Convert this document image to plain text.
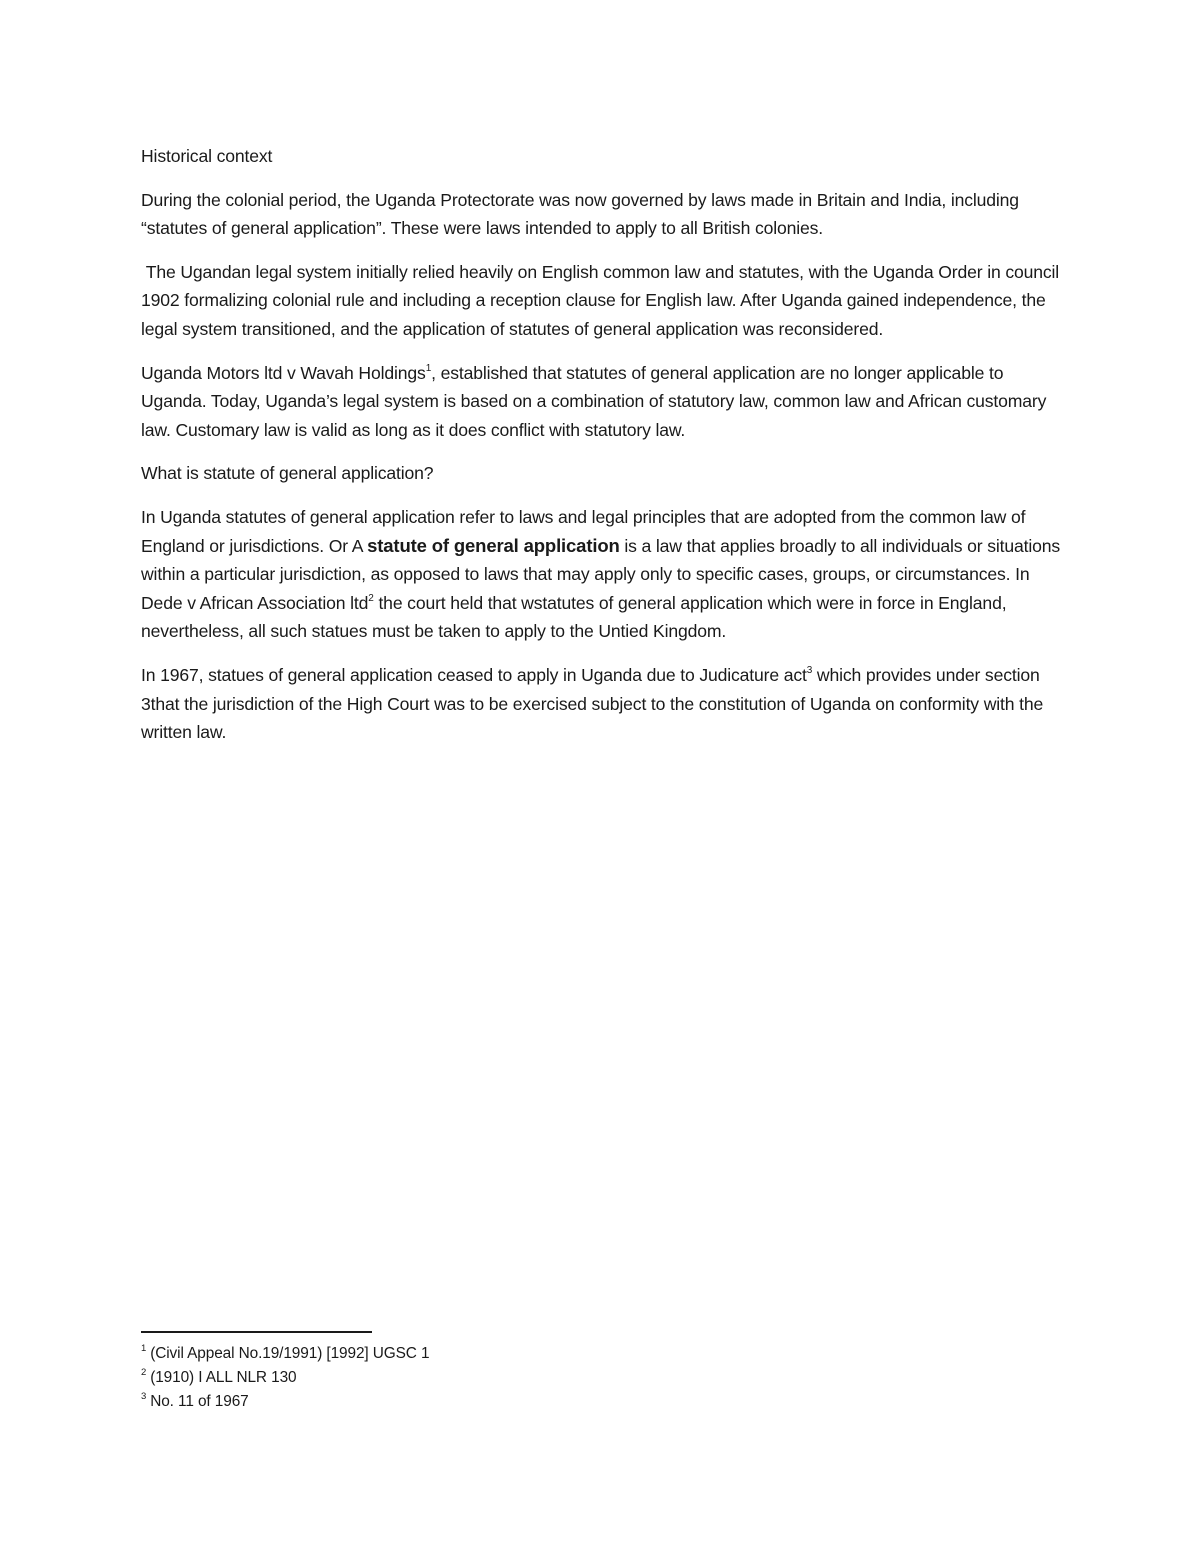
Historical context

During the colonial period, the Uganda Protectorate was now governed by laws made in Britain and India, including “statutes of general application”. These were laws intended to apply to all British colonies.

The Ugandan legal system initially relied heavily on English common law and statutes, with the Uganda Order in council 1902 formalizing colonial rule and including a reception clause for English law. After Uganda gained independence, the legal system transitioned, and the application of statutes of general application was reconsidered.

Uganda Motors ltd v Wavah Holdings$^1$, established that statutes of general application are no longer applicable to Uganda. Today, Uganda’s legal system is based on a combination of statutory law, common law and African customary law. Customary law is valid as long as it does conflict with statutory law.

What is statute of general application?

In Uganda statutes of general application refer to laws and legal principles that are adopted from the common law of England or jurisdictions. Or A statute of general application is a law that applies broadly to all individuals or situations within a particular jurisdiction, as opposed to laws that may apply only to specific cases, groups, or circumstances. In Dede v African Association ltd$^2$ the court held that wstatutes of general application which were in force in England, nevertheless, all such statues must be taken to apply to the Untied Kingdom.

In 1967, statues of general application ceased to apply in Uganda due to Judicature act$^3$ which provides under section 3that the jurisdiction of the High Court was to be exercised subject to the constitution of Uganda on conformity with the written law.

$^1$ (Civil Appeal No.19/1991) [1992] UGSC 1

$^2$ (1910) I ALL NLR 130

$^3$ No. 11 of 1967
